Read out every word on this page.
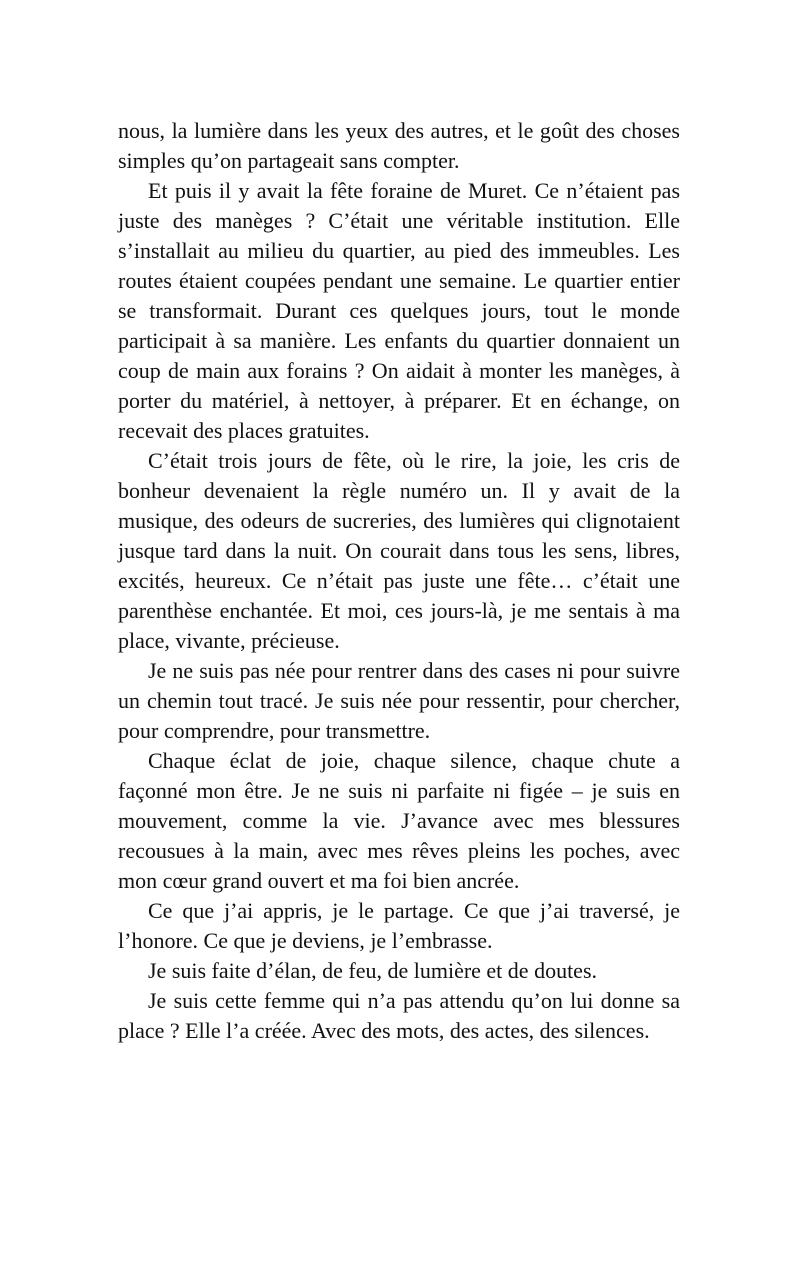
nous, la lumière dans les yeux des autres, et le goût des choses simples qu’on partageait sans compter.

Et puis il y avait la fête foraine de Muret. Ce n’étaient pas juste des manèges ? C’était une véritable institution. Elle s’installait au milieu du quartier, au pied des immeubles. Les routes étaient coupées pendant une semaine. Le quartier entier se transformait. Durant ces quelques jours, tout le monde participait à sa manière. Les enfants du quartier donnaient un coup de main aux forains ? On aidait à monter les manèges, à porter du matériel, à nettoyer, à préparer. Et en échange, on recevait des places gratuites.

C’était trois jours de fête, où le rire, la joie, les cris de bonheur devenaient la règle numéro un. Il y avait de la musique, des odeurs de sucreries, des lumières qui clignotaient jusque tard dans la nuit. On courait dans tous les sens, libres, excités, heureux. Ce n’était pas juste une fête… c’était une parenthèse enchantée. Et moi, ces jours-là, je me sentais à ma place, vivante, précieuse.

Je ne suis pas née pour rentrer dans des cases ni pour suivre un chemin tout tracé. Je suis née pour ressentir, pour chercher, pour comprendre, pour transmettre.

Chaque éclat de joie, chaque silence, chaque chute a façonné mon être. Je ne suis ni parfaite ni figée – je suis en mouvement, comme la vie. J’avance avec mes blessures recousues à la main, avec mes rêves pleins les poches, avec mon cœur grand ouvert et ma foi bien ancrée.

Ce que j’ai appris, je le partage. Ce que j’ai traversé, je l’honore. Ce que je deviens, je l’embrasse.

Je suis faite d’élan, de feu, de lumière et de doutes.

Je suis cette femme qui n’a pas attendu qu’on lui donne sa place ? Elle l’a créée. Avec des mots, des actes, des silences.
